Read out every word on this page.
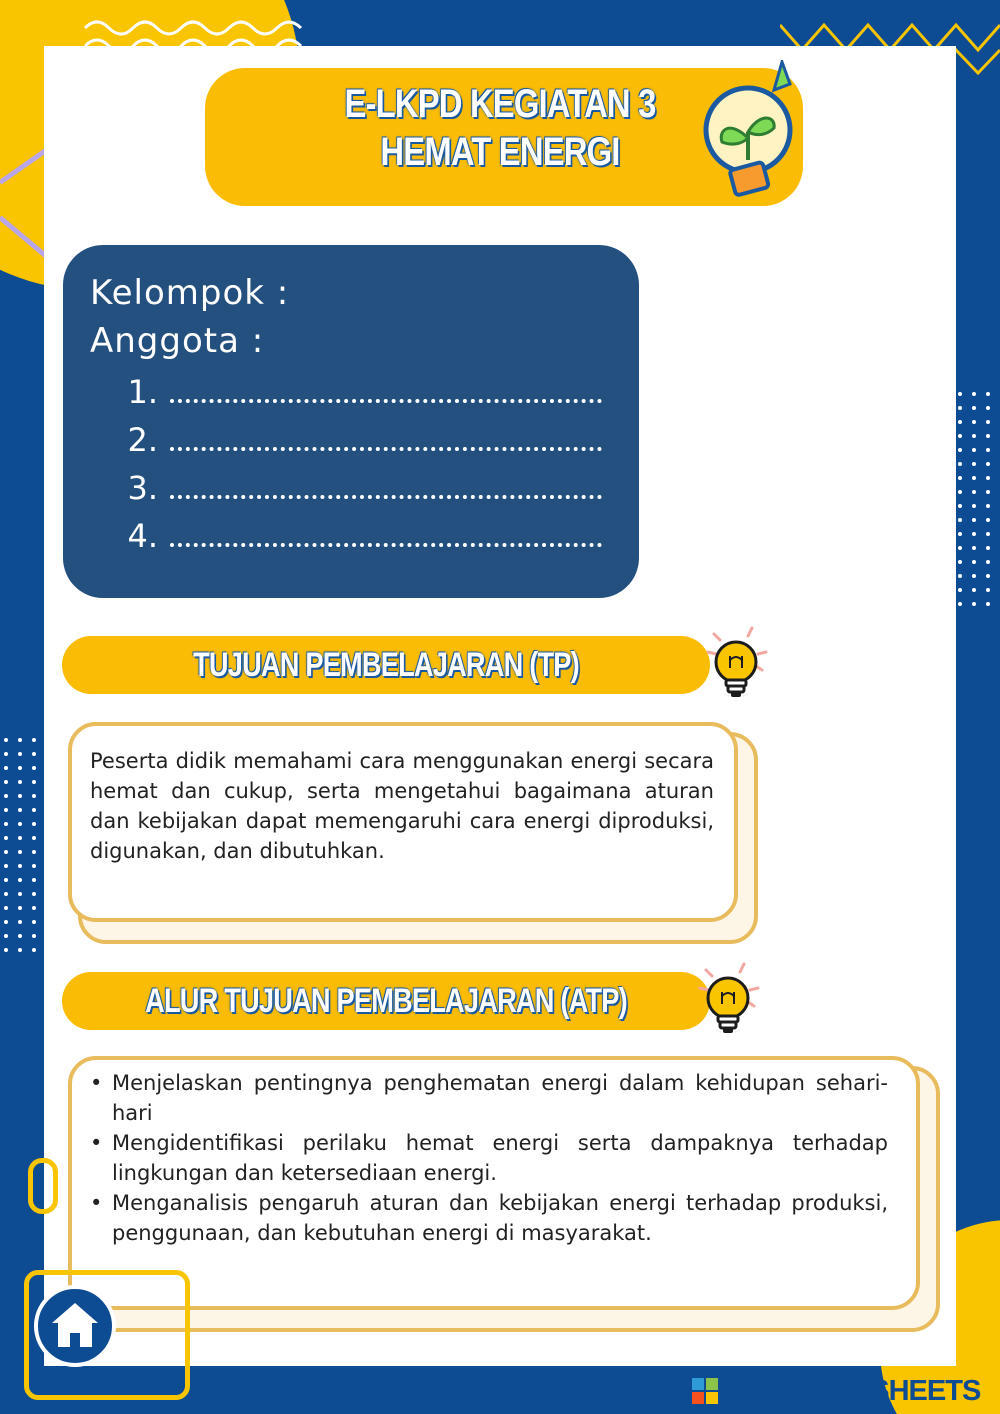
E-LKPD KEGIATAN 3
HEMAT ENERGI
Kelompok :
Anggota :
1.
2.
3.
4.
TUJUAN PEMBELAJARAN (TP)
Peserta didik memahami cara menggunakan energi secara hemat dan cukup, serta mengetahui bagaimana aturan dan kebijakan dapat memengaruhi cara energi diproduksi, digunakan, dan dibutuhkan.
ALUR TUJUAN PEMBELAJARAN (ATP)
• Menjelaskan pentingnya penghematan energi dalam kehidupan sehari-hari
• Mengidentifikasi perilaku hemat energi serta dampaknya terhadap lingkungan dan ketersediaan energi.
• Menganalisis pengaruh aturan dan kebijakan energi terhadap produksi, penggunaan, dan kebutuhan energi di masyarakat.
LIVEWORKSHEETS
